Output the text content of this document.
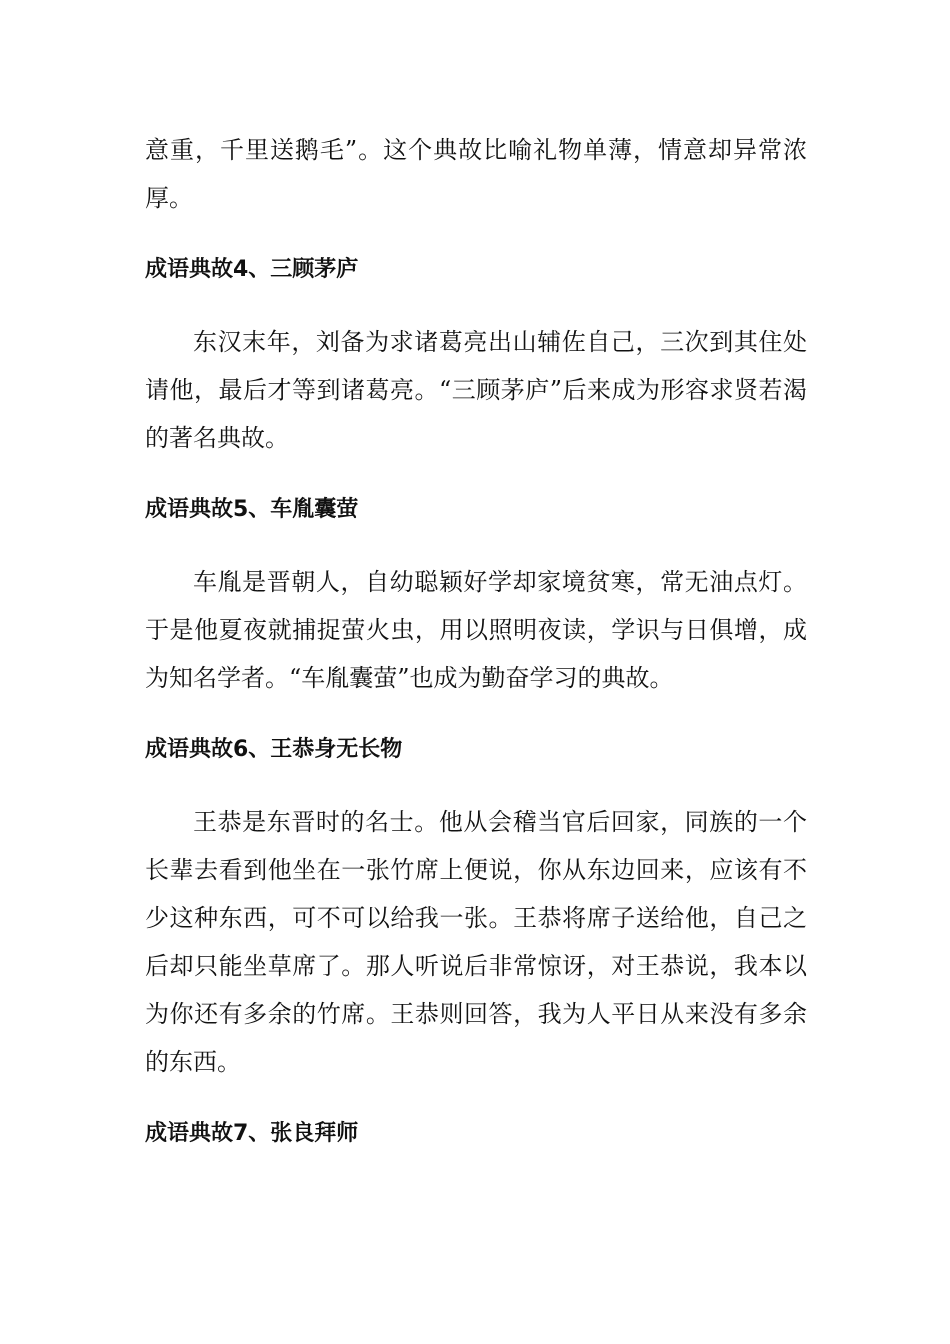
意重，千里送鹅毛”。这个典故比喻礼物单薄，情意却异常浓厚。

成语典故4、三顾茅庐

东汉末年，刘备为求诸葛亮出山辅佐自己，三次到其住处请他，最后才等到诸葛亮。“三顾茅庐”后来成为形容求贤若渴的著名典故。

成语典故5、车胤囊萤

车胤是晋朝人，自幼聪颖好学却家境贫寒，常无油点灯。于是他夏夜就捕捉萤火虫，用以照明夜读，学识与日俱增，成为知名学者。“车胤囊萤”也成为勤奋学习的典故。

成语典故6、王恭身无长物

王恭是东晋时的名士。他从会稽当官后回家，同族的一个长辈去看到他坐在一张竹席上便说，你从东边回来，应该有不少这种东西，可不可以给我一张。王恭将席子送给他，自己之后却只能坐草席了。那人听说后非常惊讶，对王恭说，我本以为你还有多余的竹席。王恭则回答，我为人平日从来没有多余的东西。

成语典故7、张良拜师
